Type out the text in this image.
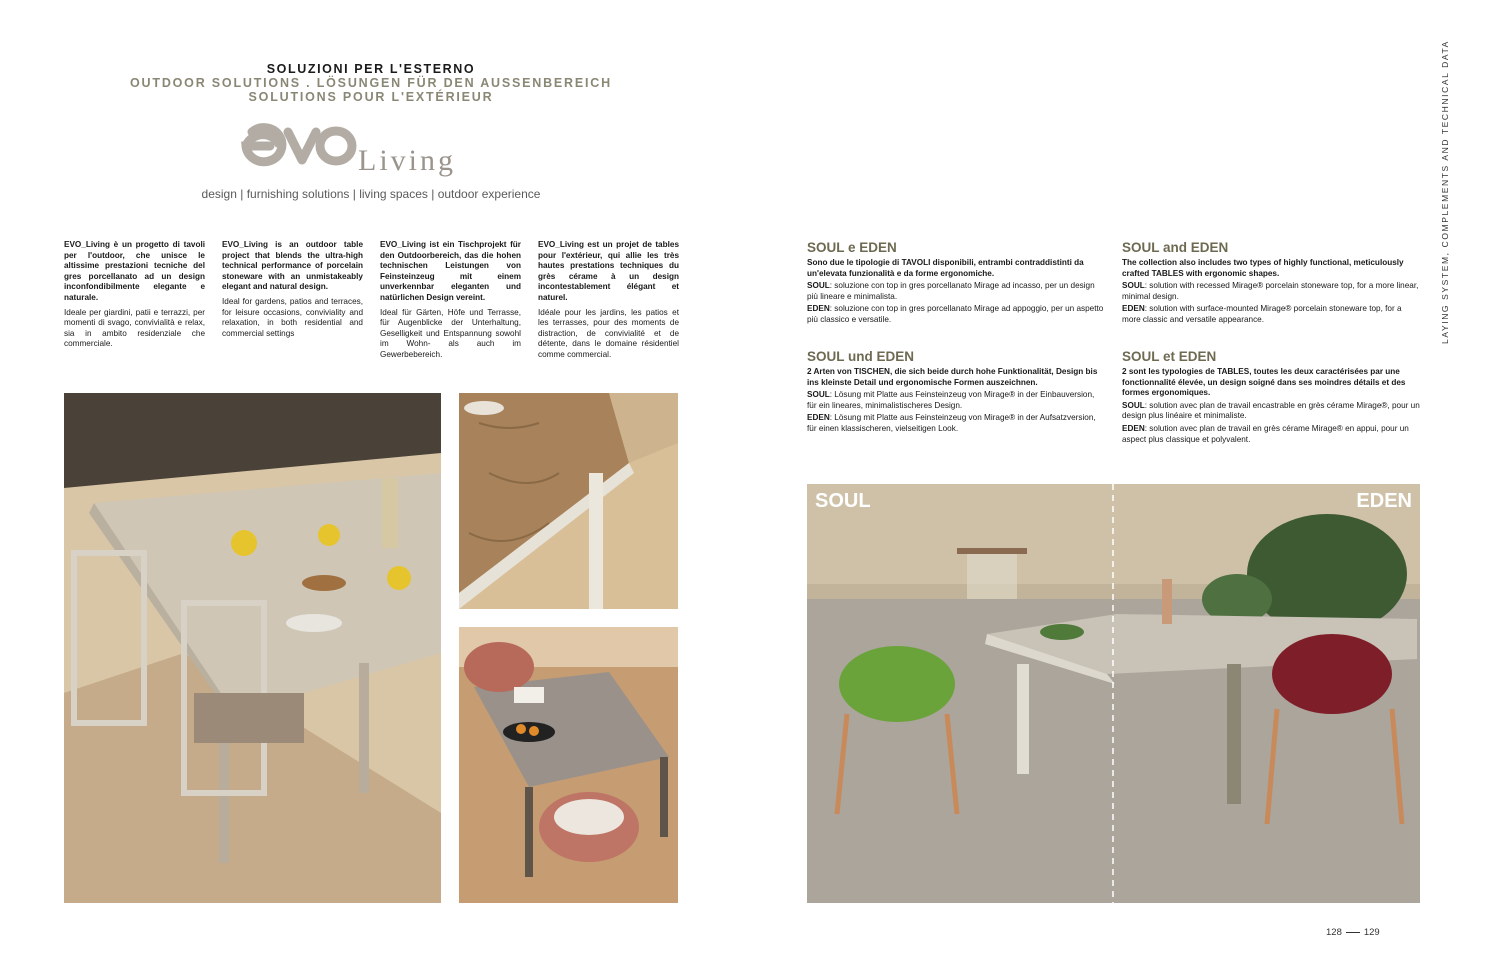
SOLUZIONI PER L'ESTERNO
OUTDOOR SOLUTIONS . LÖSUNGEN FÜR DEN AUSSENBEREICH
SOLUTIONS POUR L'EXTÉRIEUR
Living
design | furnishing solutions | living spaces | outdoor experience
EVO_Living è un progetto di tavoli per l'outdoor, che unisce le altissime prestazioni tecniche del gres porcellanato ad un design inconfondibilmente elegante e naturale.
Ideale per giardini, patii e terrazzi, per momenti di svago, convivialità e relax, sia in ambito residenziale che commerciale.
EVO_Living is an outdoor table project that blends the ultra-high technical performance of porcelain stoneware with an unmistakeably elegant and natural design.
Ideal for gardens, patios and terraces, for leisure occasions, conviviality and relaxation, in both residential and commercial settings
EVO_Living ist ein Tischprojekt für den Outdoorbereich, das die hohen technischen Leistungen von Feinsteinzeug mit einem unverkennbar eleganten und natürlichen Design vereint.
Ideal für Gärten, Höfe und Terrasse, für Augenblicke der Unterhaltung, Geselligkeit und Entspannung sowohl im Wohn- als auch im Gewerbebereich.
EVO_Living est un projet de tables pour l'extérieur, qui allie les très hautes prestations techniques du grès cérame à un design incontestablement élégant et naturel.
Idéale pour les jardins, les patios et les terrasses, pour des moments de distraction, de convivialité et de détente, dans le domaine résidentiel comme commercial.
SOUL e EDEN

Sono due le tipologie di TAVOLI disponibili, entrambi contraddistinti da un'elevata funzionalità e da forme ergonomiche.

SOUL: soluzione con top in gres porcellanato Mirage ad incasso, per un design più lineare e minimalista.

EDEN: soluzione con top in gres porcellanato Mirage ad appoggio, per un aspetto più classico e versatile.

SOUL and EDEN

The collection also includes two types of highly functional, meticulously crafted TABLES with ergonomic shapes.

SOUL: solution with recessed Mirage® porcelain stoneware top, for a more linear, minimal design.

EDEN: solution with surface-mounted Mirage® porcelain stoneware top, for a more classic and versatile appearance.

SOUL und EDEN

2 Arten von TISCHEN, die sich beide durch hohe Funktionalität, Design bis ins kleinste Detail und ergonomische Formen auszeichnen.

SOUL: Lösung mit Platte aus Feinsteinzeug von Mirage® in der Einbauversion, für ein lineares, minimalistischeres Design.

EDEN: Lösung mit Platte aus Feinsteinzeug von Mirage® in der Aufsatzversion, für einen klassischeren, vielseitigen Look.

SOUL et EDEN

2 sont les typologies de TABLES, toutes les deux caractérisées par une fonctionnalité élevée, un design soigné dans ses moindres détails et des formes ergonomiques.

SOUL: solution avec plan de travail encastrable en grès cérame Mirage®, pour un design plus linéaire et minimaliste.

EDEN: solution avec plan de travail en grès cérame Mirage® en appui, pour un aspect plus classique et polyvalent.

LAYING SYSTEM, COMPLEMENTS AND TECHNICAL DATA
SOUL	EDEN
128 129
